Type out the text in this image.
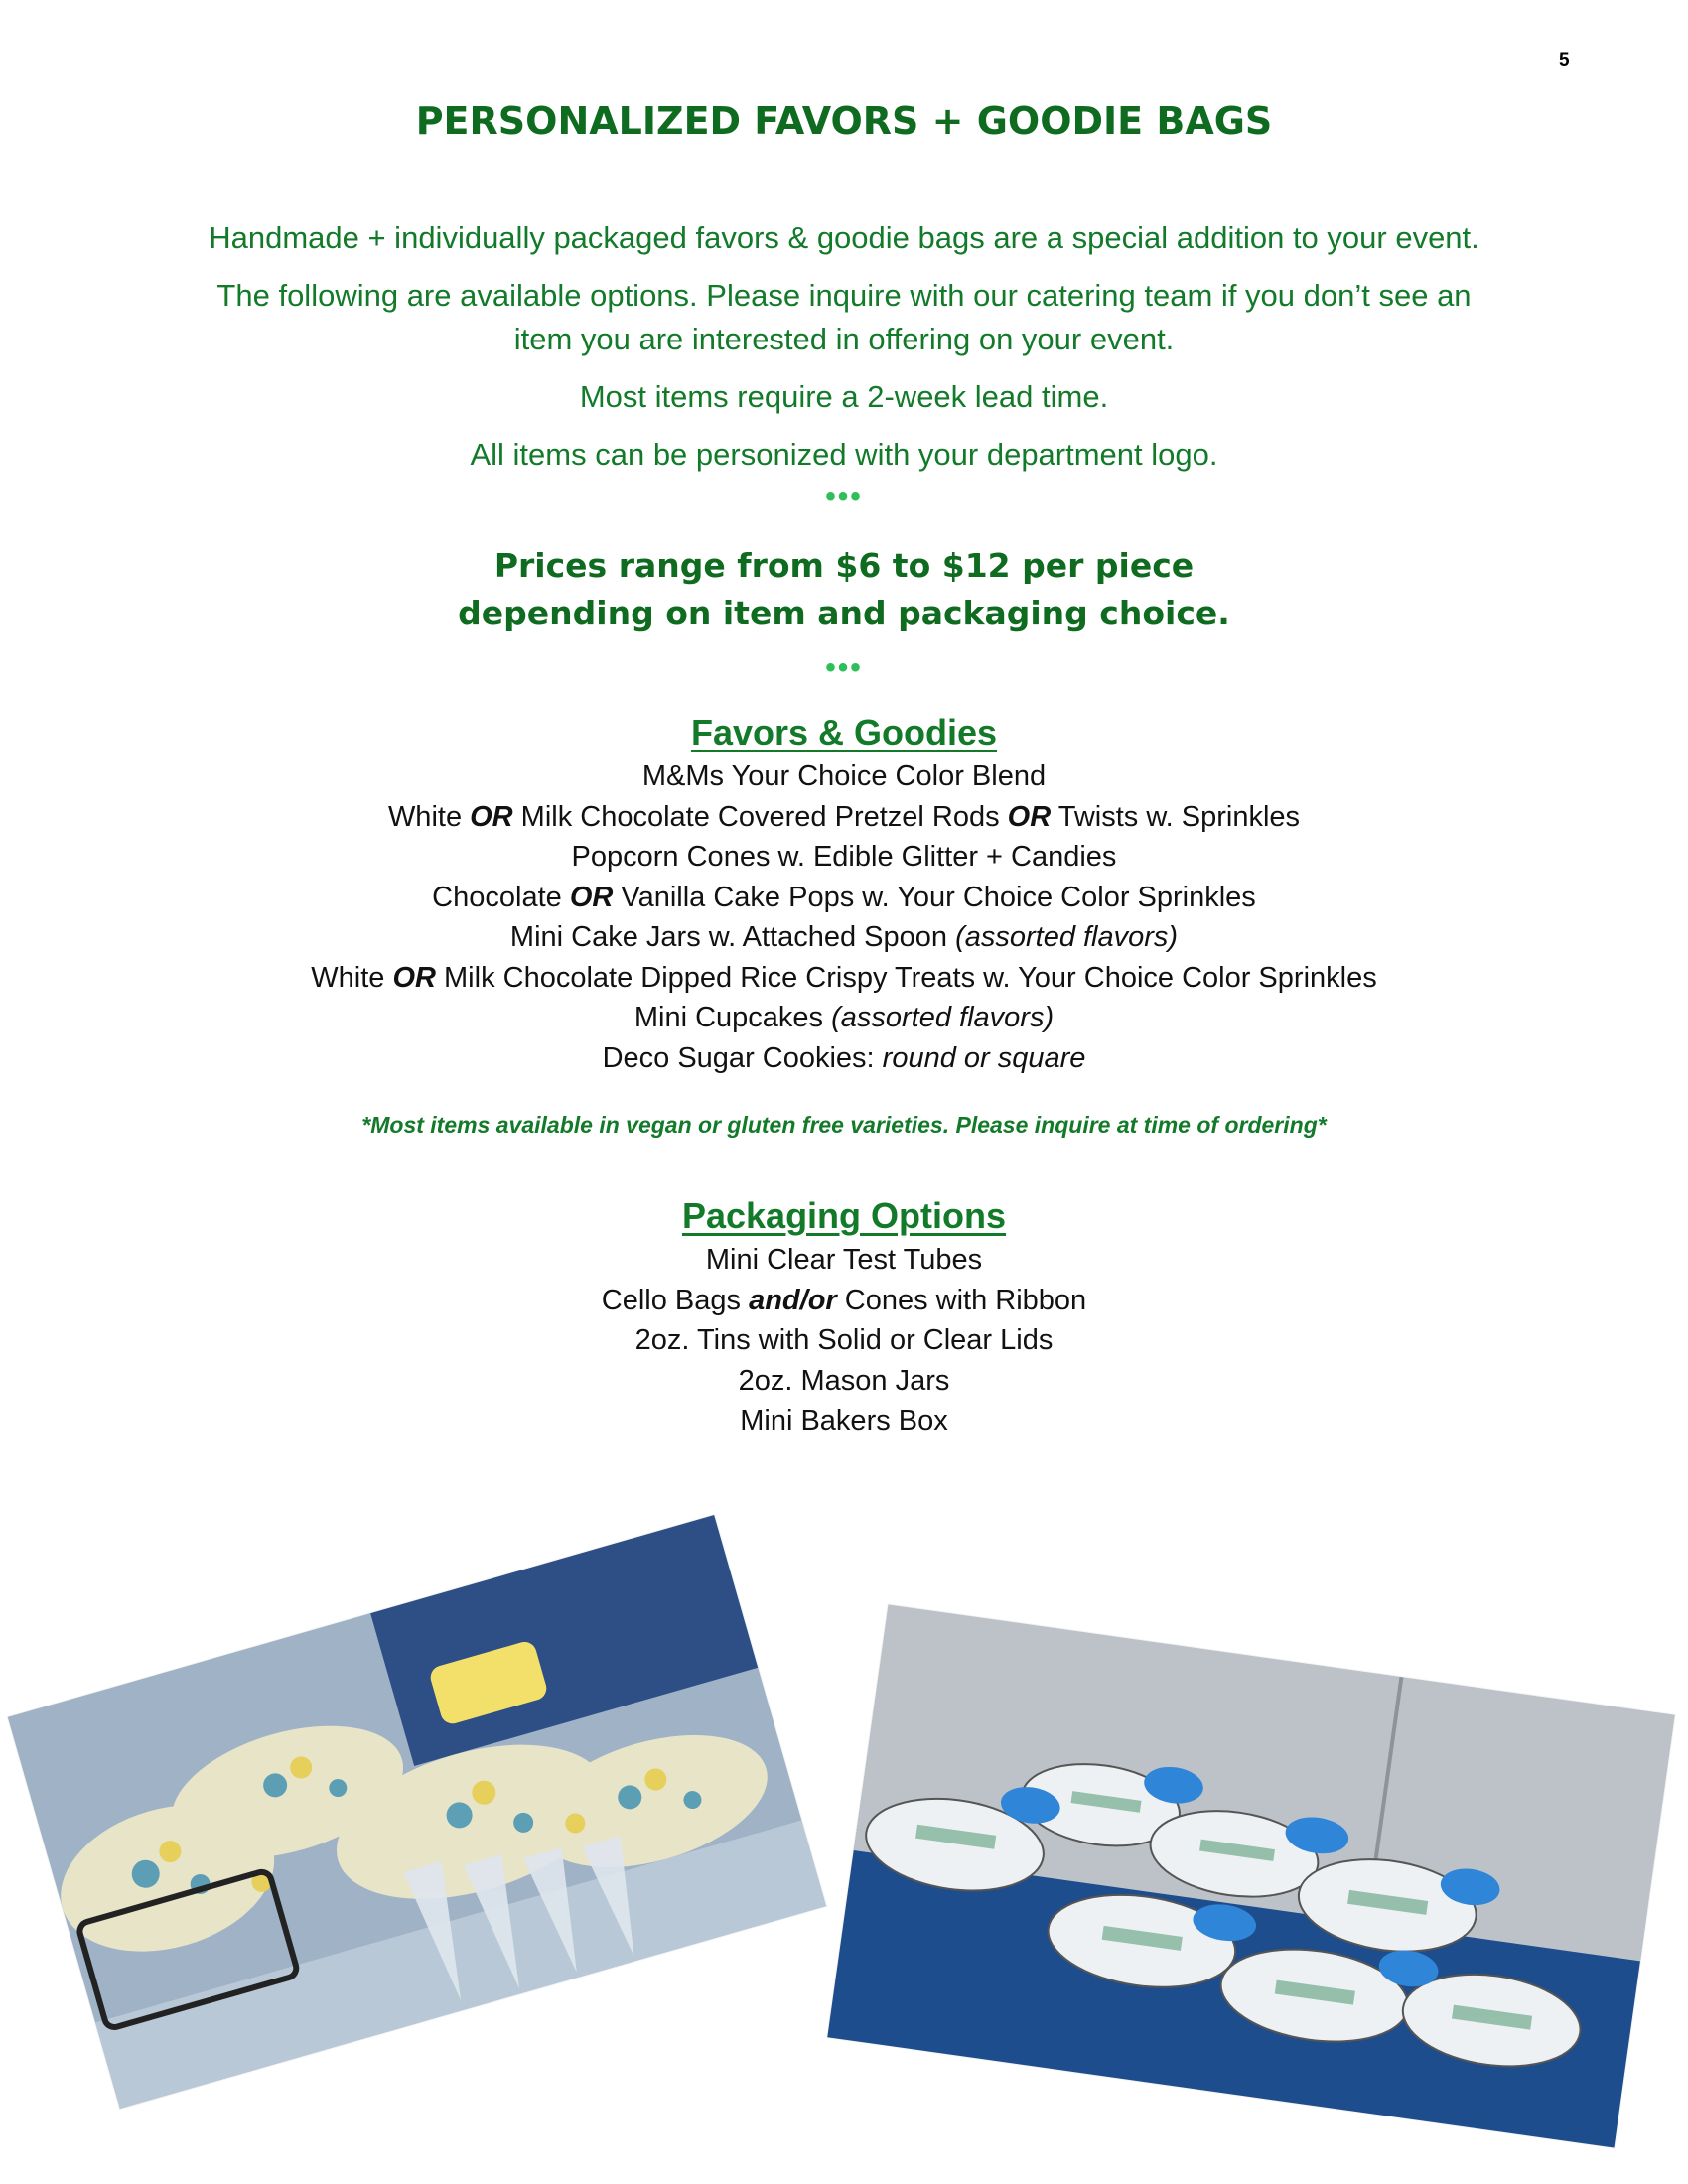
5
PERSONALIZED FAVORS + GOODIE BAGS

Handmade + individually packaged favors & goodie bags are a special addition to your event.

The following are available options. Please inquire with our catering team if you don’t see an

item you are interested in offering on your event.

Most items require a 2-week lead time.

All items can be personized with your department logo.

•••
Prices range from $6 to $12 per piece
depending on item and packaging choice.
•••
Favors & Goodies
M&Ms Your Choice Color Blend
White OR Milk Chocolate Covered Pretzel Rods OR Twists w. Sprinkles
Popcorn Cones w. Edible Glitter + Candies
Chocolate OR Vanilla Cake Pops w. Your Choice Color Sprinkles
Mini Cake Jars w. Attached Spoon (assorted flavors)
White OR Milk Chocolate Dipped Rice Crispy Treats w. Your Choice Color Sprinkles
Mini Cupcakes (assorted flavors)
Deco Sugar Cookies: round or square
*Most items available in vegan or gluten free varieties. Please inquire at time of ordering*
Packaging Options
Mini Clear Test Tubes
Cello Bags and/or Cones with Ribbon
2oz. Tins with Solid or Clear Lids
2oz. Mason Jars
Mini Bakers Box
